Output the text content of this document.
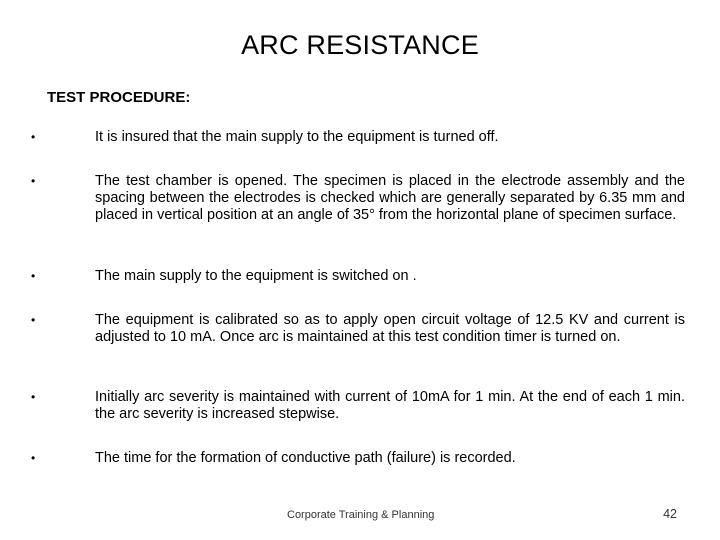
ARC RESISTANCE
TEST PROCEDURE:
•	It is insured that the main supply to the equipment is turned off.
•	The test chamber is opened. The specimen is placed in the electrode assembly and the spacing between the electrodes is checked which are generally separated by 6.35 mm and placed in vertical position at an angle of 35° from the horizontal plane of specimen surface.
•	The main supply to the equipment is switched on .
•	The equipment is calibrated so as to apply open circuit voltage of 12.5 KV and current is adjusted to 10 mA. Once arc is maintained at this test condition timer is turned on.
•	Initially arc severity is maintained with current of 10mA for 1 min. At the end of each 1 min. the arc severity is increased stepwise.
•	The time for the formation of conductive path (failure) is recorded.
Corporate Training & Planning	42
